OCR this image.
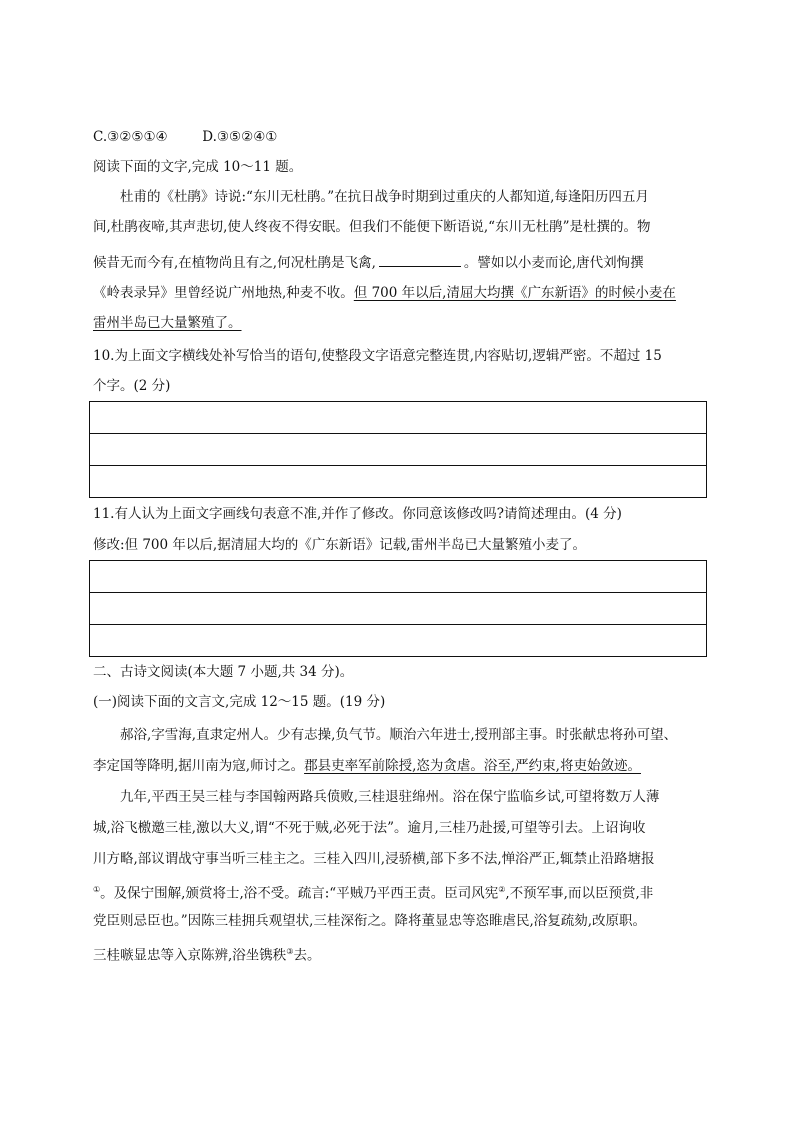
C.③②⑤①④	D.③⑤②④①
阅读下面的文字,完成 10～11 题。
杜甫的《杜鹃》诗说:“东川无杜鹃。”在抗日战争时期到过重庆的人都知道,每逢阳历四五月
间,杜鹃夜啼,其声悲切,使人终夜不得安眠。但我们不能便下断语说,“东川无杜鹃”是杜撰的。物
候昔无而今有,在植物尚且有之,何况杜鹃是飞禽,	。譬如以小麦而论,唐代刘恂撰
《岭表录异》里曾经说广州地热,种麦不收。但 700 年以后,清屈大均撰《广东新语》的时候小麦在
雷州半岛已大量繁殖了。
10.为上面文字横线处补写恰当的语句,使整段文字语意完整连贯,内容贴切,逻辑严密。不超过 15
个字。(2 分)
11.有人认为上面文字画线句表意不准,并作了修改。你同意该修改吗?请简述理由。(4 分)
修改:但 700 年以后,据清屈大均的《广东新语》记载,雷州半岛已大量繁殖小麦了。
二、古诗文阅读(本大题 7 小题,共 34 分)。
(一)阅读下面的文言文,完成 12～15 题。(19 分)
郝浴,字雪海,直隶定州人。少有志操,负气节。顺治六年进士,授刑部主事。时张献忠将孙可望、
李定国等降明,据川南为寇,师讨之。郡县吏率军前除授,恣为贪虐。浴至,严约束,将吏始敛迹。
九年,平西王吴三桂与李国翰两路兵偾败,三桂退驻绵州。浴在保宁监临乡试,可望将数万人薄
城,浴飞檄邀三桂,激以大义,谓“不死于贼,必死于法”。逾月,三桂乃赴援,可望等引去。上诏询收
川方略,部议谓战守事当听三桂主之。三桂入四川,浸骄横,部下多不法,惮浴严正,辄禁止沿路塘报
①。及保宁围解,颁赏将士,浴不受。疏言:“平贼乃平西王责。臣司风宪②,不预军事,而以臣预赏,非
党臣则忌臣也。”因陈三桂拥兵观望状,三桂深衔之。降将董显忠等恣睢虐民,浴复疏劾,改原职。
三桂嗾显忠等入京陈辨,浴坐镌秩③去。
